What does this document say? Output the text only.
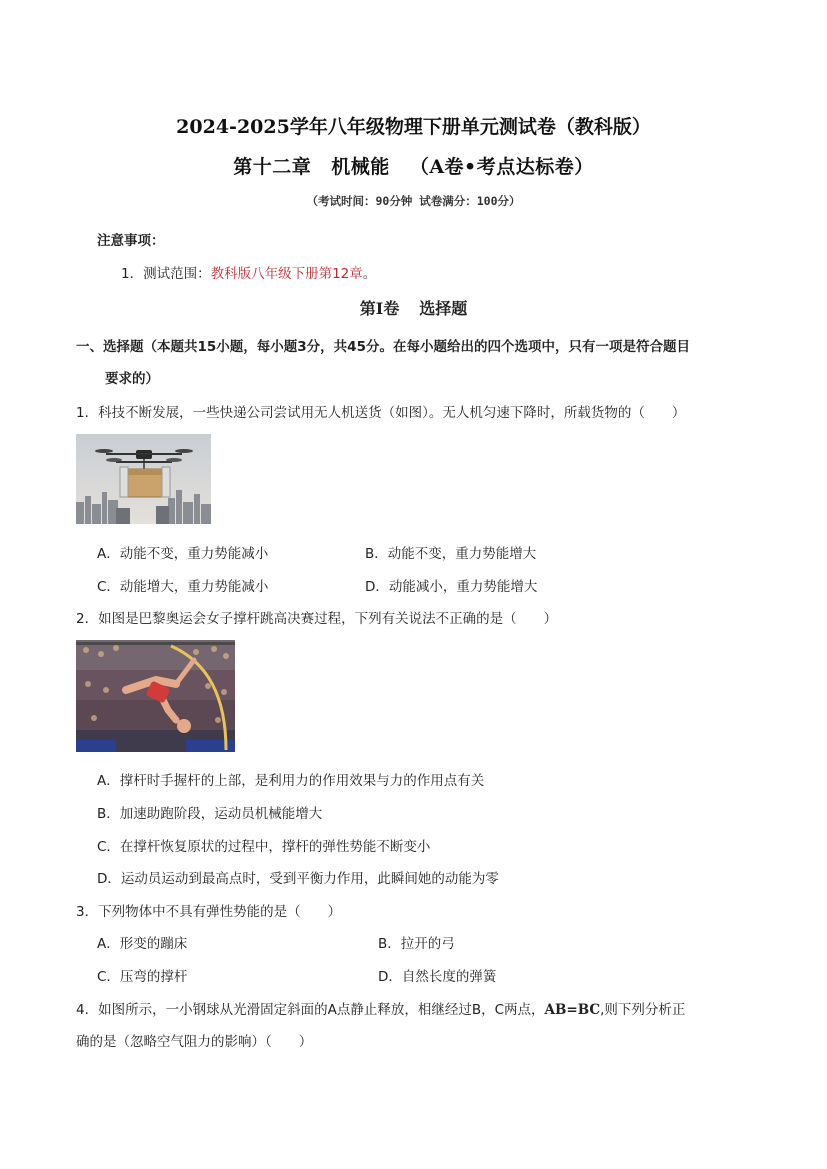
2024-2025学年八年级物理下册单元测试卷（教科版）
第十二章 机械能 （A卷•考点达标卷）
（考试时间：90分钟 试卷满分：100分）
注意事项：
1．测试范围：教科版八年级下册第12章。
第Ⅰ卷 选择题
一、选择题（本题共15小题，每小题3分，共45分。在每小题给出的四个选项中，只有一项是符合题目
要求的）
1．科技不断发展，一些快递公司尝试用无人机送货（如图）。无人机匀速下降时，所载货物的（　　）
A．动能不变，重力势能减小	B．动能不变，重力势能增大
C．动能增大，重力势能减小	D．动能减小，重力势能增大
2．如图是巴黎奥运会女子撑杆跳高决赛过程，下列有关说法不正确的是（　　）
A．撑杆时手握杆的上部，是利用力的作用效果与力的作用点有关
B．加速助跑阶段，运动员机械能增大
C．在撑杆恢复原状的过程中，撑杆的弹性势能不断变小
D．运动员运动到最高点时，受到平衡力作用，此瞬间她的动能为零
3．下列物体中不具有弹性势能的是（　　）
A．形变的蹦床	B．拉开的弓
C．压弯的撑杆	D．自然长度的弹簧
4．如图所示，一小钢球从光滑固定斜面的A点静止释放，相继经过B，C两点，AB=BC,则下列分析正
确的是（忽略空气阻力的影响）（　　）
